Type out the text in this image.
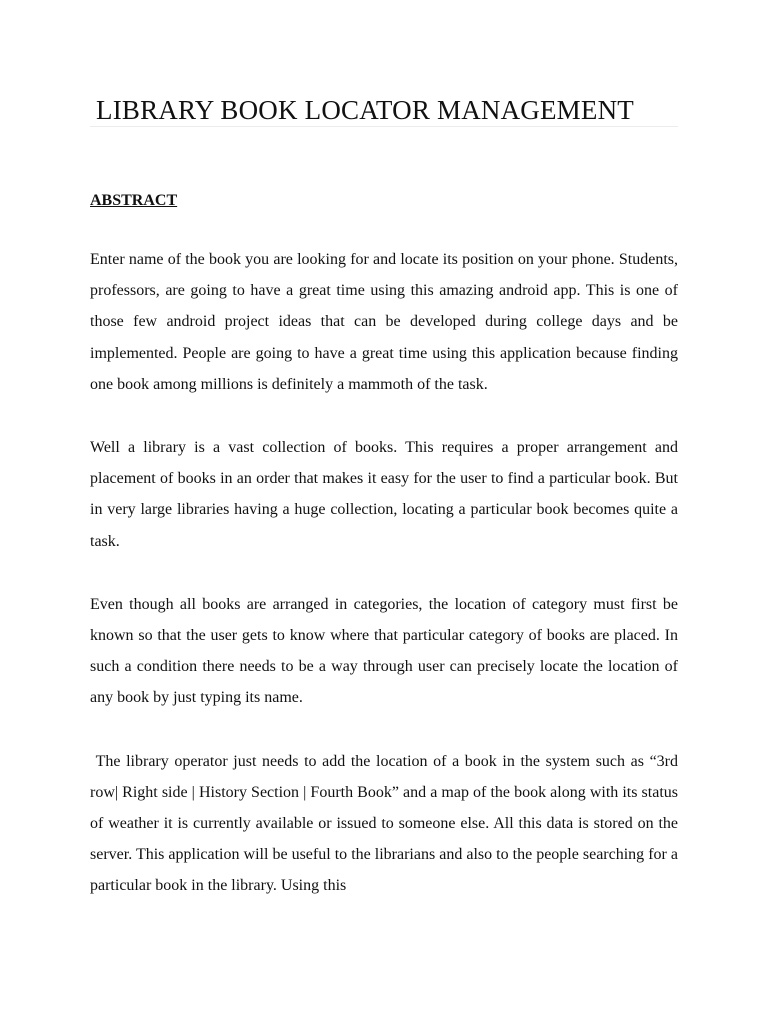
LIBRARY BOOK LOCATOR MANAGEMENT
ABSTRACT

Enter name of the book you are looking for and locate its position on your phone. Students, professors, are going to have a great time using this amazing android app. This is one of those few android project ideas that can be developed during college days and be implemented. People are going to have a great time using this application because finding one book among millions is definitely a mammoth of the task.

Well a library is a vast collection of books. This requires a proper arrangement and placement of books in an order that makes it easy for the user to find a particular book. But in very large libraries having a huge collection, locating a particular book becomes quite a task.

Even though all books are arranged in categories, the location of category must first be known so that the user gets to know where that particular category of books are placed. In such a condition there needs to be a way through user can precisely locate the location of any book by just typing its name.

The library operator just needs to add the location of a book in the system such as “3rd row| Right side | History Section | Fourth Book” and a map of the book along with its status of weather it is currently available or issued to someone else. All this data is stored on the server. This application will be useful to the librarians and also to the people searching for a particular book in the library. Using this
